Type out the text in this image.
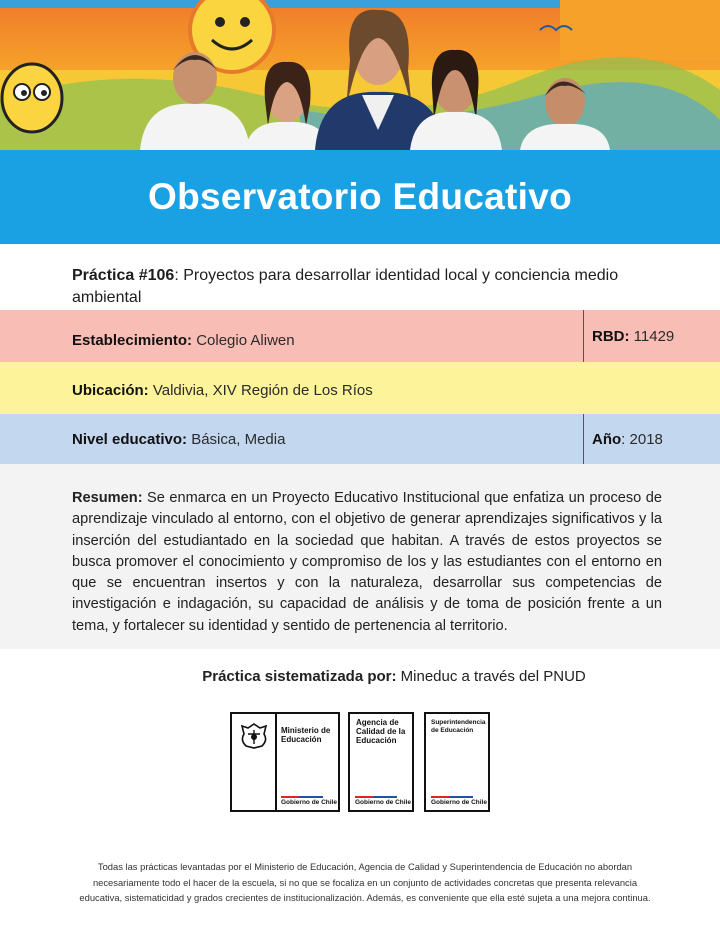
Observatorio Educativo

Práctica #106: Proyectos para desarrollar identidad local y conciencia medio ambiental

Establecimiento: Colegio Aliwen	RBD: 11429
Ubicación: Valdivia, XIV Región de Los Ríos
Nivel educativo: Básica, Media	Año: 2018

Resumen: Se enmarca en un Proyecto Educativo Institucional que enfatiza un proceso de aprendizaje vinculado al entorno, con el objetivo de generar aprendizajes significativos y la inserción del estudiantado en la sociedad que habitan. A través de estos proyectos se busca promover el conocimiento y compromiso de los y las estudiantes con el entorno en que se encuentran insertos y con la naturaleza, desarrollar sus competencias de investigación e indagación, su capacidad de análisis y de toma de posición frente a un tema, y fortalecer su identidad y sentido de pertenencia al territorio.

Práctica sistematizada por: Mineduc a través del PNUD

Ministerio de
Educación
Gobierno de Chile
Agencia de
Calidad de la
Educación
Gobierno de Chile
Superintendencia
de Educación
Gobierno de Chile

Todas las prácticas levantadas por el Ministerio de Educación, Agencia de Calidad y Superintendencia de Educación no abordan
necesariamente todo el hacer de la escuela, si no que se focaliza en un conjunto de actividades concretas que presenta relevancia
educativa, sistematicidad y grados crecientes de institucionalización. Además, es conveniente que ella esté sujeta a una mejora continua.
